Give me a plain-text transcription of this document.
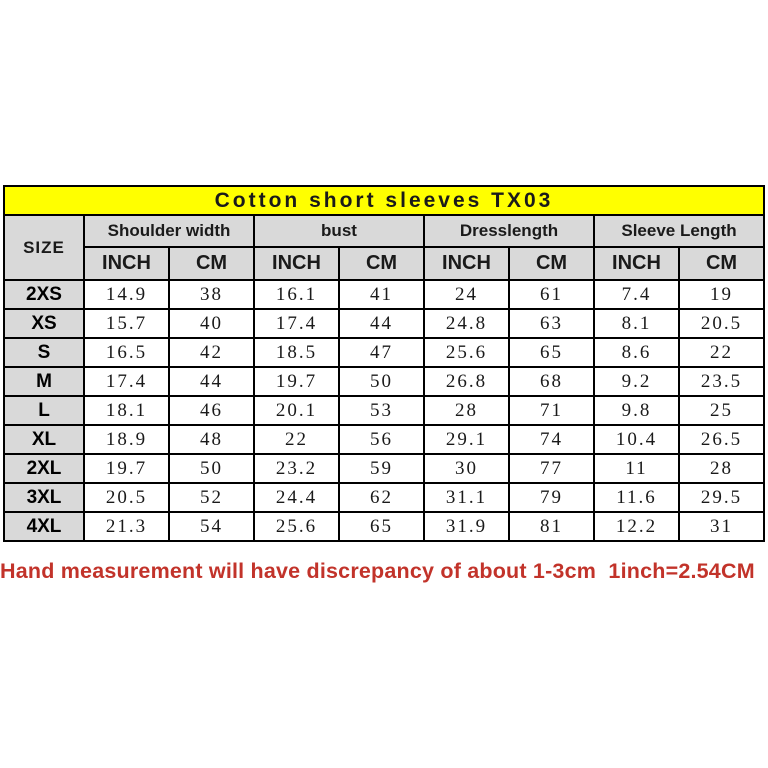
Cotton short sleeves TX03								
SIZE	Shoulder width		bust		Dresslength		Sleeve Length	
	INCH	CM	INCH	CM	INCH	CM	INCH	CM
2XS	14.9	38	16.1	41	24	61	7.4	19
XS	15.7	40	17.4	44	24.8	63	8.1	20.5
S	16.5	42	18.5	47	25.6	65	8.6	22
M	17.4	44	19.7	50	26.8	68	9.2	23.5
L	18.1	46	20.1	53	28	71	9.8	25
XL	18.9	48	22	56	29.1	74	10.4	26.5
2XL	19.7	50	23.2	59	30	77	11	28
3XL	20.5	52	24.4	62	31.1	79	11.6	29.5
4XL	21.3	54	25.6	65	31.9	81	12.2	31
Hand measurement will have discrepancy of about 1-3cm  1inch=2.54CM
